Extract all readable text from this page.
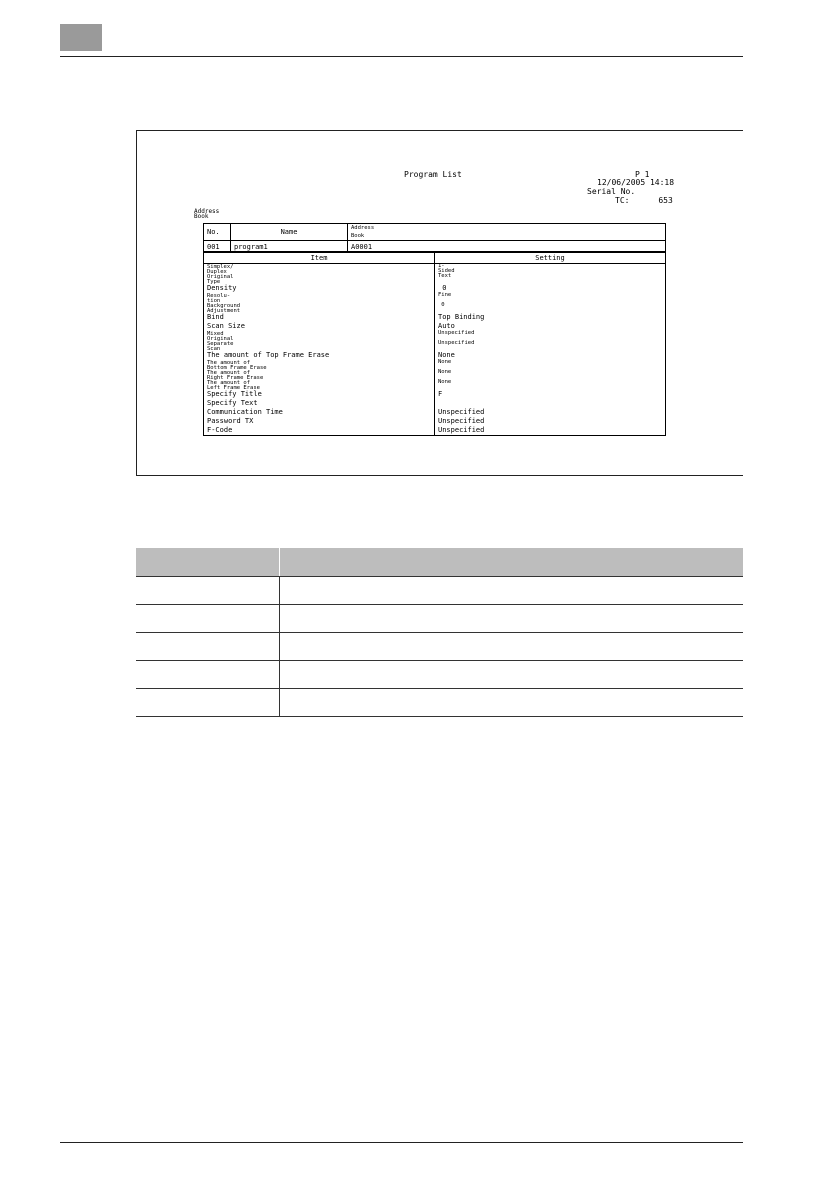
Program List	P 1
12/06/2005 14:18
Serial No.
TC:	653
Address
Book
No.	Name	Address
Book
001	program1	A0001
Item	Setting
Simplex/
Duplex	1-
Sided
Original
Type	Text
Density	0
Resolu-
tion	Fine
Background
Adjustment	0
Bind	Top Binding
Scan Size	Auto
Mixed
Original	Unspecified
Separate
Scan	Unspecified
The amount of Top Frame Erase	None
The amount of
Bottom Frame Erase	None
The amount of
Right Frame Erase	None
The amount of
Left Frame Erase	None
Specify Title	F
Specify Text	
Communication Time	Unspecified
Password TX	Unspecified
F-Code	Unspecified
